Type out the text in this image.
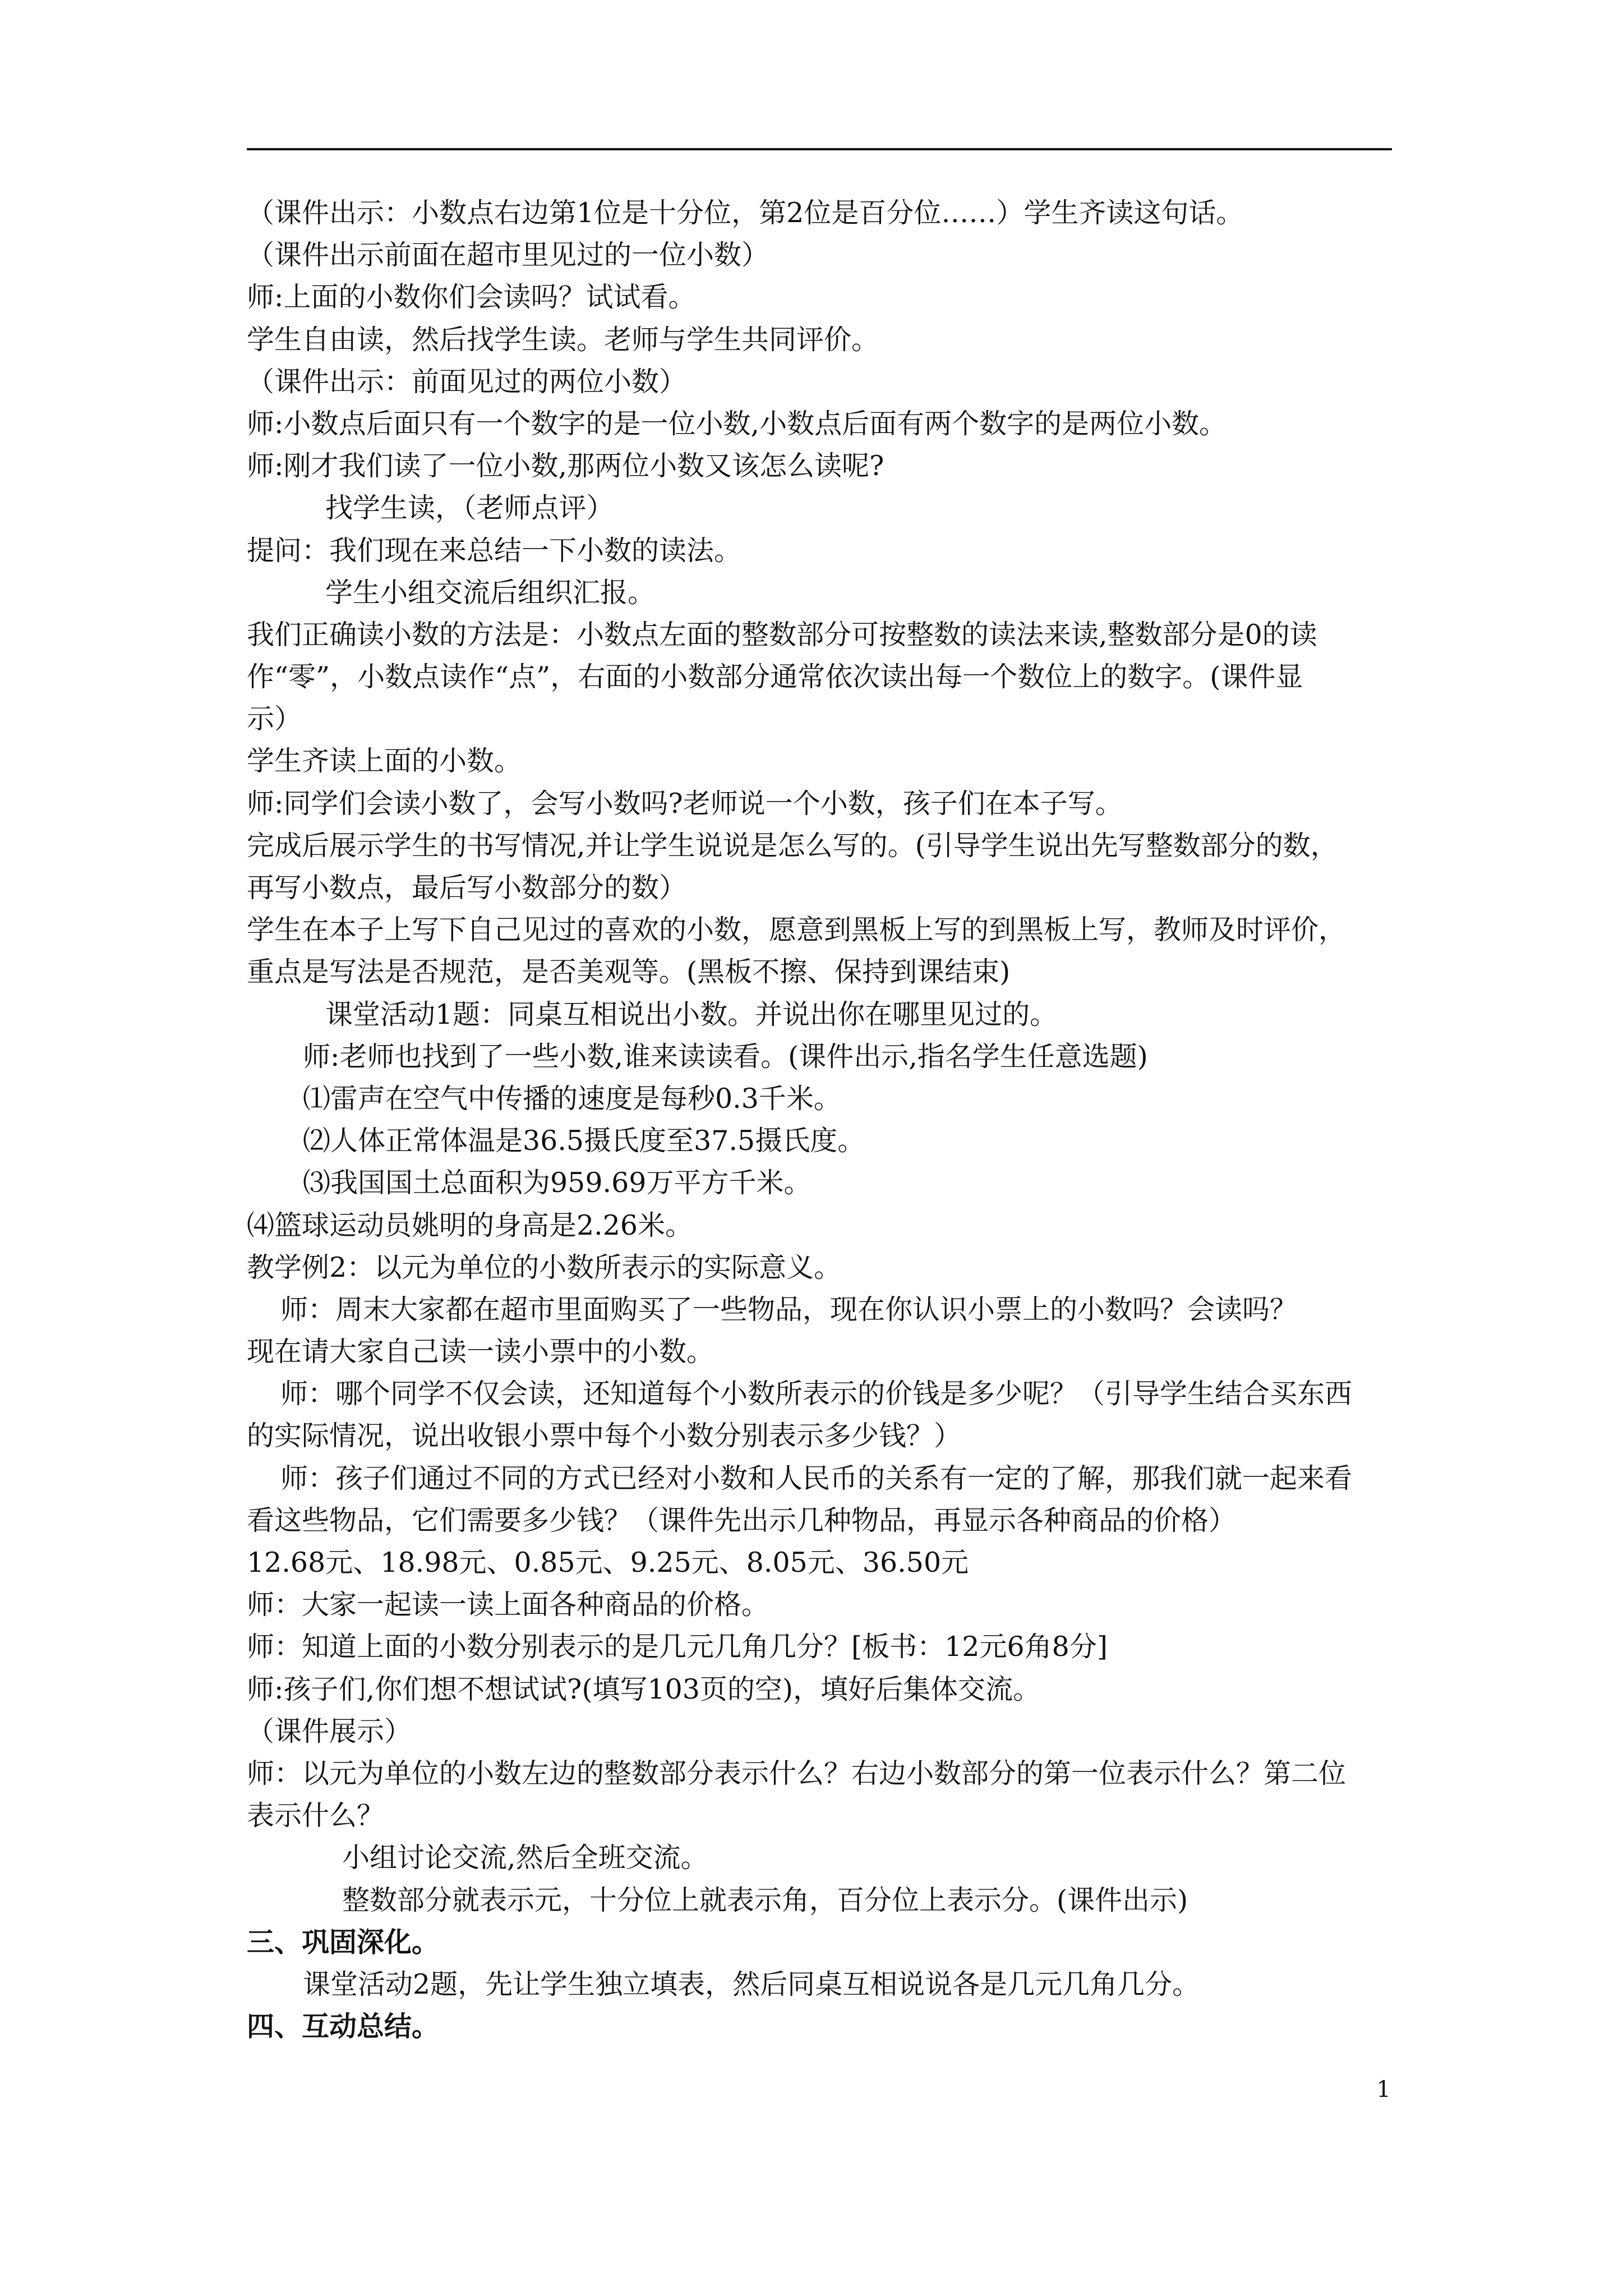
（课件出示：小数点右边第1位是十分位，第2位是百分位……）学生齐读这句话。
（课件出示前面在超市里见过的一位小数）
师:上面的小数你们会读吗？试试看。
学生自由读，然后找学生读。老师与学生共同评价。
（课件出示：前面见过的两位小数）
师:小数点后面只有一个数字的是一位小数,小数点后面有两个数字的是两位小数。
师:刚才我们读了一位小数,那两位小数又该怎么读呢?
找学生读，（老师点评）
提问：我们现在来总结一下小数的读法。
学生小组交流后组织汇报。
我们正确读小数的方法是：小数点左面的整数部分可按整数的读法来读,整数部分是0的读
作“零”，小数点读作“点”，右面的小数部分通常依次读出每一个数位上的数字。(课件显
示）
学生齐读上面的小数。
师:同学们会读小数了，会写小数吗?老师说一个小数，孩子们在本子写。
完成后展示学生的书写情况,并让学生说说是怎么写的。(引导学生说出先写整数部分的数，
再写小数点，最后写小数部分的数）
学生在本子上写下自己见过的喜欢的小数，愿意到黑板上写的到黑板上写，教师及时评价，
重点是写法是否规范，是否美观等。(黑板不擦、保持到课结束)
课堂活动1题：同桌互相说出小数。并说出你在哪里见过的。
师:老师也找到了一些小数,谁来读读看。(课件出示,指名学生任意选题)
⑴雷声在空气中传播的速度是每秒0.3千米。
⑵人体正常体温是36.5摄氏度至37.5摄氏度。
⑶我国国土总面积为959.69万平方千米。
⑷篮球运动员姚明的身高是2.26米。
教学例2：以元为单位的小数所表示的实际意义。
师：周末大家都在超市里面购买了一些物品，现在你认识小票上的小数吗？会读吗？
现在请大家自己读一读小票中的小数。
师：哪个同学不仅会读，还知道每个小数所表示的价钱是多少呢？（引导学生结合买东西
的实际情况，说出收银小票中每个小数分别表示多少钱？）
师：孩子们通过不同的方式已经对小数和人民币的关系有一定的了解，那我们就一起来看
看这些物品，它们需要多少钱？（课件先出示几种物品，再显示各种商品的价格）
12.68元、18.98元、0.85元、9.25元、8.05元、36.50元
师：大家一起读一读上面各种商品的价格。
师：知道上面的小数分别表示的是几元几角几分？[板书：12元6角8分]
师:孩子们,你们想不想试试?(填写103页的空)，填好后集体交流。
（课件展示）
师：以元为单位的小数左边的整数部分表示什么？右边小数部分的第一位表示什么？第二位
表示什么？
小组讨论交流,然后全班交流。
整数部分就表示元，十分位上就表示角，百分位上表示分。(课件出示)
三、巩固深化。
课堂活动2题，先让学生独立填表，然后同桌互相说说各是几元几角几分。
四、互动总结。
1
